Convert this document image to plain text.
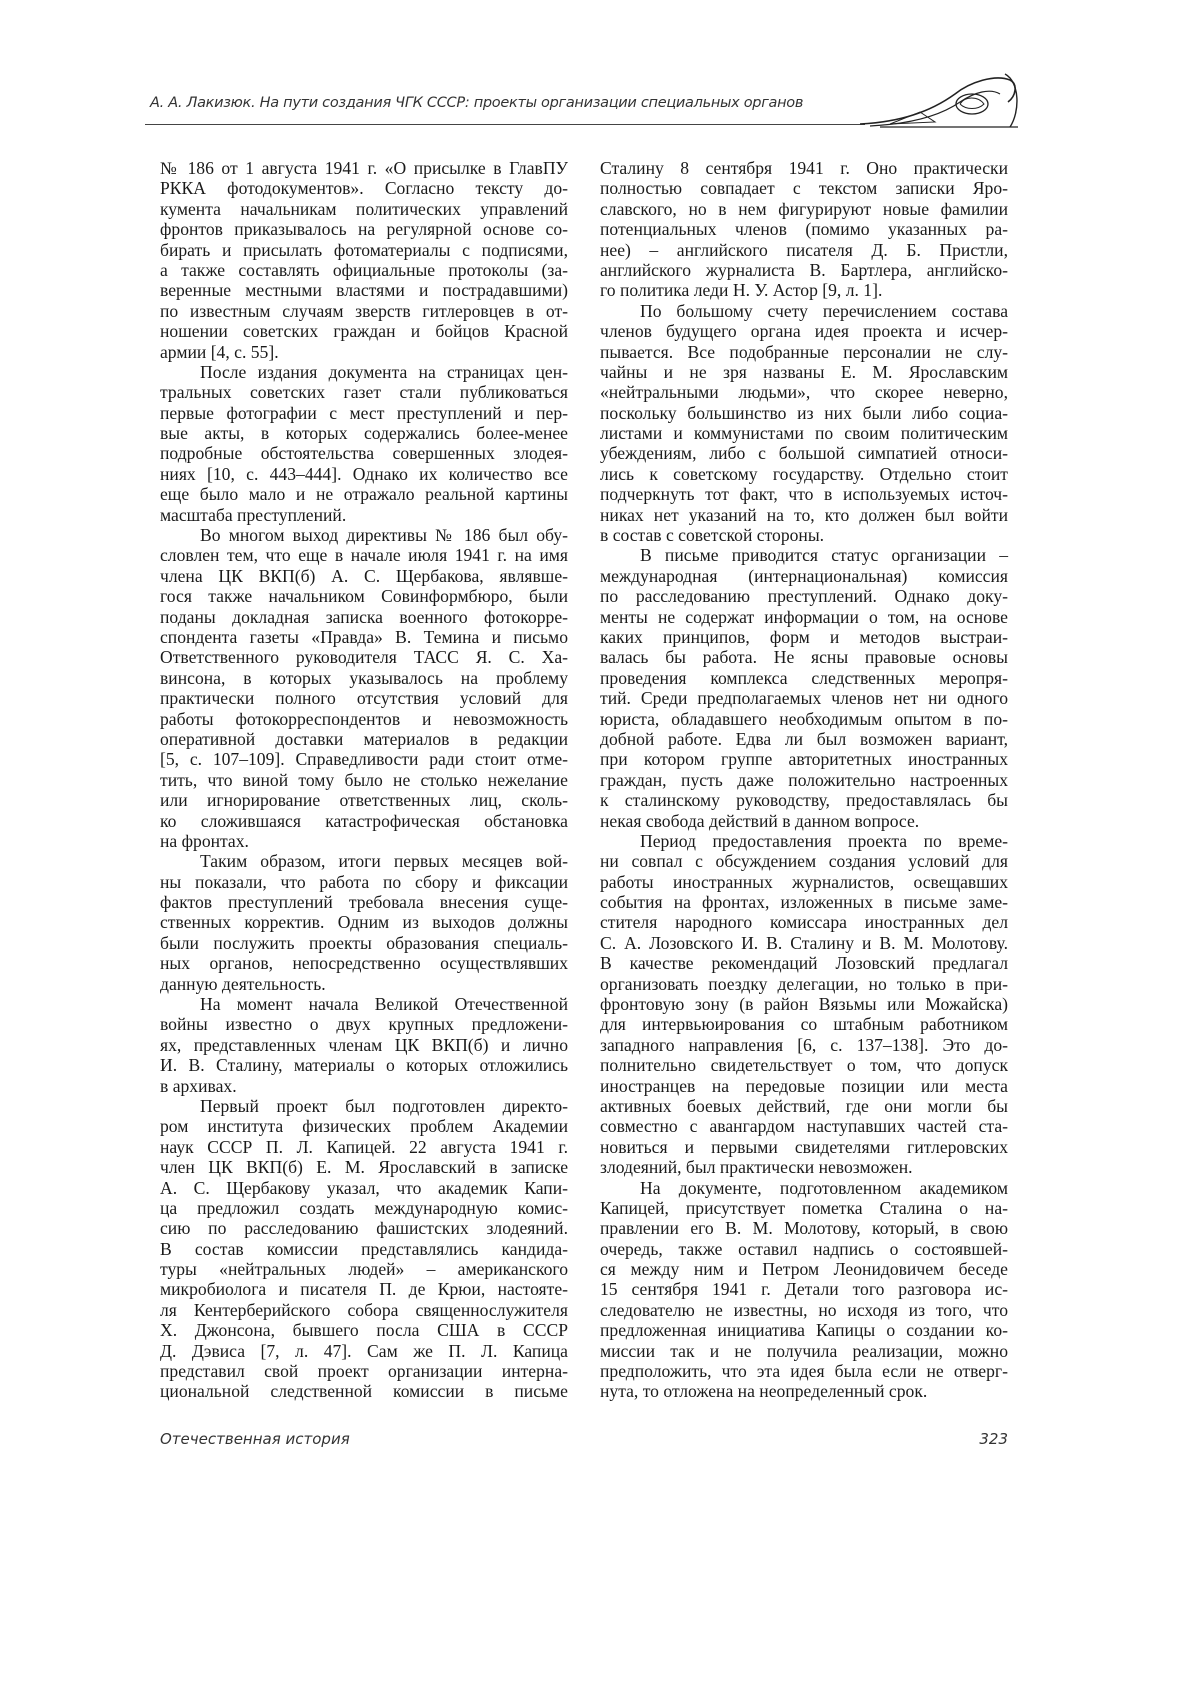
А. А. Лакизюк. На пути создания ЧГК СССР: проекты организации специальных органов
№ 186 от 1 августа 1941 г. «О присылке в ГлавПУ
РККА фотодокументов». Согласно тексту до-
кумента начальникам политических управлений
фронтов приказывалось на регулярной основе со-
бирать и присылать фотоматериалы с подписями,
а также составлять официальные протоколы (за-
веренные местными властями и пострадавшими)
по известным случаям зверств гитлеровцев в от-
ношении советских граждан и бойцов Красной
армии [4, с. 55].
После издания документа на страницах цен-
тральных советских газет стали публиковаться
первые фотографии с мест преступлений и пер-
вые акты, в которых содержались более-менее
подробные обстоятельства совершенных злодея-
ниях [10, с. 443–444]. Однако их количество все
еще было мало и не отражало реальной картины
масштаба преступлений.
Во многом выход директивы № 186 был обу-
словлен тем, что еще в начале июля 1941 г. на имя
члена ЦК ВКП(б) А. С. Щербакова, являвше-
гося также начальником Совинформбюро, были
поданы докладная записка военного фотокорре-
спондента газеты «Правда» В. Темина и письмо
Ответственного руководителя ТАСС Я. С. Ха-
винсона, в которых указывалось на проблему
практически полного отсутствия условий для
работы фотокорреспондентов и невозможность
оперативной доставки материалов в редакции
[5, с. 107–109]. Справедливости ради стоит отме-
тить, что виной тому было не столько нежелание
или игнорирование ответственных лиц, сколь-
ко сложившаяся катастрофическая обстановка
на фронтах.
Таким образом, итоги первых месяцев вой-
ны показали, что работа по сбору и фиксации
фактов преступлений требовала внесения суще-
ственных корректив. Одним из выходов должны
были послужить проекты образования специаль-
ных органов, непосредственно осуществлявших
данную деятельность.
На момент начала Великой Отечественной
войны известно о двух крупных предложени-
ях, представленных членам ЦК ВКП(б) и лично
И. В. Сталину, материалы о которых отложились
в архивах.
Первый проект был подготовлен директо-
ром института физических проблем Академии
наук СССР П. Л. Капицей. 22 августа 1941 г.
член ЦК ВКП(б) Е. М. Ярославский в записке
А. С. Щербакову указал, что академик Капи-
ца предложил создать международную комис-
сию по расследованию фашистских злодеяний.
В состав комиссии представлялись кандида-
туры «нейтральных людей» – американского
микробиолога и писателя П. де Крюи, настояте-
ля Кентерберийского собора священнослужителя
Х. Джонсона, бывшего посла США в СССР
Д. Дэвиса [7, л. 47]. Сам же П. Л. Капица
представил свой проект организации интерна-
циональной следственной комиссии в письме
Сталину 8 сентября 1941 г. Оно практически
полностью совпадает с текстом записки Яро-
славского, но в нем фигурируют новые фамилии
потенциальных членов (помимо указанных ра-
нее) – английского писателя Д. Б. Пристли,
английского журналиста В. Бартлера, английско-
го политика леди Н. У. Астор [9, л. 1].
По большому счету перечислением состава
членов будущего органа идея проекта и исчер-
пывается. Все подобранные персоналии не слу-
чайны и не зря названы Е. М. Ярославским
«нейтральными людьми», что скорее неверно,
поскольку большинство из них были либо социа-
листами и коммунистами по своим политическим
убеждениям, либо с большой симпатией относи-
лись к советскому государству. Отдельно стоит
подчеркнуть тот факт, что в используемых источ-
никах нет указаний на то, кто должен был войти
в состав с советской стороны.
В письме приводится статус организации –
международная (интернациональная) комиссия
по расследованию преступлений. Однако доку-
менты не содержат информации о том, на основе
каких принципов, форм и методов выстраи-
валась бы работа. Не ясны правовые основы
проведения комплекса следственных меропря-
тий. Среди предполагаемых членов нет ни одного
юриста, обладавшего необходимым опытом в по-
добной работе. Едва ли был возможен вариант,
при котором группе авторитетных иностранных
граждан, пусть даже положительно настроенных
к сталинскому руководству, предоставлялась бы
некая свобода действий в данном вопросе.
Период предоставления проекта по време-
ни совпал с обсуждением создания условий для
работы иностранных журналистов, освещавших
события на фронтах, изложенных в письме заме-
стителя народного комиссара иностранных дел
С. А. Лозовского И. В. Сталину и В. М. Молотову.
В качестве рекомендаций Лозовский предлагал
организовать поездку делегации, но только в при-
фронтовую зону (в район Вязьмы или Можайска)
для интервьюирования со штабным работником
западного направления [6, с. 137–138]. Это до-
полнительно свидетельствует о том, что допуск
иностранцев на передовые позиции или места
активных боевых действий, где они могли бы
совместно с авангардом наступавших частей ста-
новиться и первыми свидетелями гитлеровских
злодеяний, был практически невозможен.
На документе, подготовленном академиком
Капицей, присутствует пометка Сталина о на-
правлении его В. М. Молотову, который, в свою
очередь, также оставил надпись о состоявшей-
ся между ним и Петром Леонидовичем беседе
15 сентября 1941 г. Детали того разговора ис-
следователю не известны, но исходя из того, что
предложенная инициатива Капицы о создании ко-
миссии так и не получила реализации, можно
предположить, что эта идея была если не отверг-
нута, то отложена на неопределенный срок.
Отечественная история	323
